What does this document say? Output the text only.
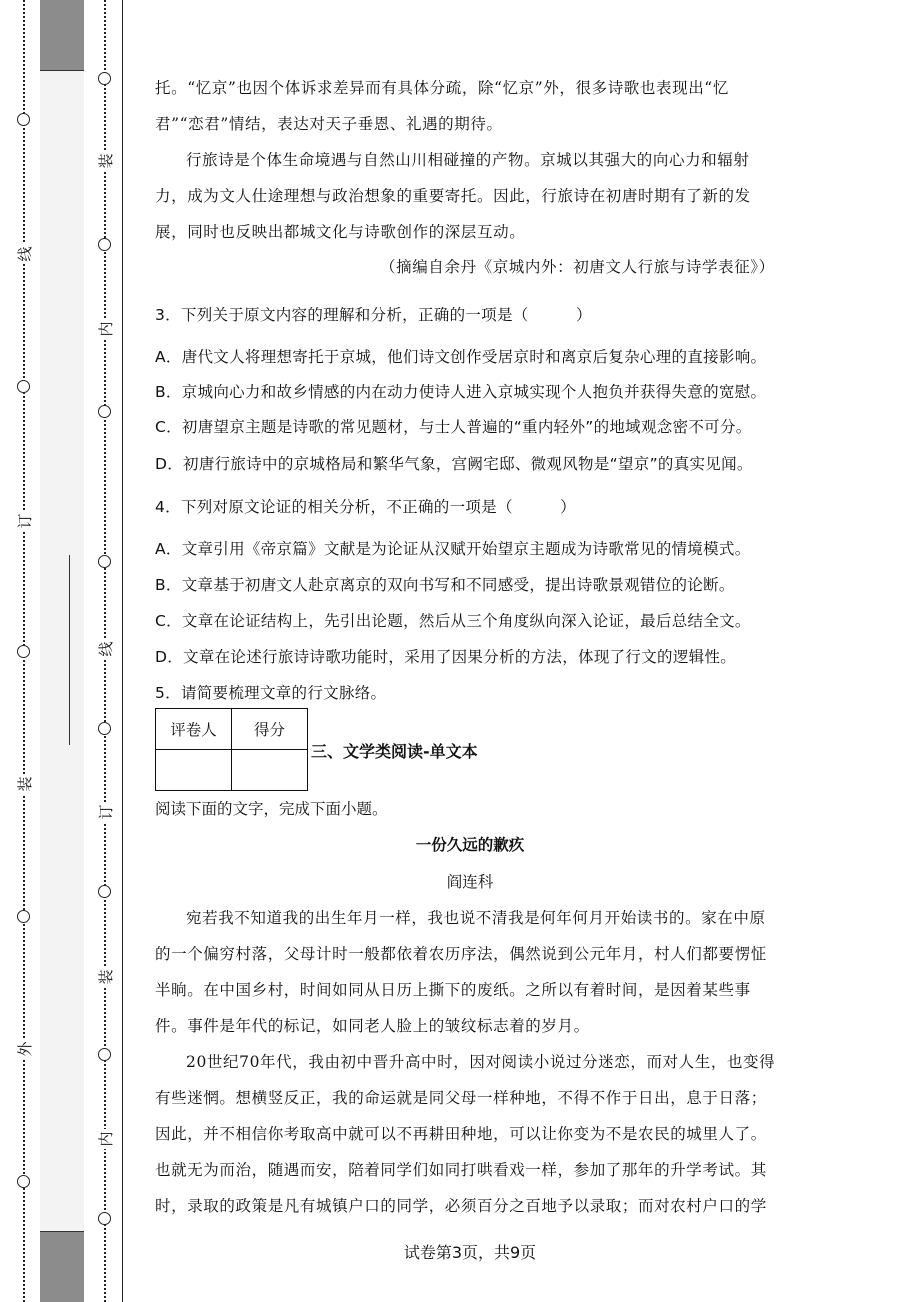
线
订
装
外
装
内
线
订
装
内

托。“忆京”也因个体诉求差异而有具体分疏，除“忆京”外，很多诗歌也表现出“忆君”“恋君”情结，表达对天子垂恩、礼遇的期待。

行旅诗是个体生命境遇与自然山川相碰撞的产物。京城以其强大的向心力和辐射力，成为文人仕途理想与政治想象的重要寄托。因此，行旅诗在初唐时期有了新的发展，同时也反映出都城文化与诗歌创作的深层互动。

（摘编自余丹《京城内外：初唐文人行旅与诗学表征》）
3．下列关于原文内容的理解和分析，正确的一项是（　　　）
A．唐代文人将理想寄托于京城，他们诗文创作受居京时和离京后复杂心理的直接影响。
B．京城向心力和故乡情感的内在动力使诗人进入京城实现个人抱负并获得失意的宽慰。
C．初唐望京主题是诗歌的常见题材，与士人普遍的“重内轻外”的地域观念密不可分。
D．初唐行旅诗中的京城格局和繁华气象，宫阙宅邸、微观风物是“望京”的真实见闻。
4．下列对原文论证的相关分析，不正确的一项是（　　　）
A．文章引用《帝京篇》文献是为论证从汉赋开始望京主题成为诗歌常见的情境模式。
B．文章基于初唐文人赴京离京的双向书写和不同感受，提出诗歌景观错位的论断。
C．文章在论证结构上，先引出论题，然后从三个角度纵向深入论证，最后总结全文。
D．文章在论述行旅诗诗歌功能时，采用了因果分析的方法，体现了行文的逻辑性。
5．请简要梳理文章的行文脉络。
评卷人	得分

三、文学类阅读-单文本
阅读下面的文字，完成下面小题。
一份久远的歉疚
阎连科

宛若我不知道我的出生年月一样，我也说不清我是何年何月开始读书的。家在中原的一个偏穷村落，父母计时一般都依着农历序法，偶然说到公元年月，村人们都要愣怔半晌。在中国乡村，时间如同从日历上撕下的废纸。之所以有着时间，是因着某些事件。事件是年代的标记，如同老人脸上的皱纹标志着的岁月。

20世纪70年代，我由初中晋升高中时，因对阅读小说过分迷恋，而对人生，也变得有些迷惘。想横竖反正，我的命运就是同父母一样种地，不得不作于日出，息于日落；因此，并不相信你考取高中就可以不再耕田种地，可以让你变为不是农民的城里人了。也就无为而治，随遇而安，陪着同学们如同打哄看戏一样，参加了那年的升学考试。其时，录取的政策是凡有城镇户口的同学，必须百分之百地予以录取；而对农村户口的学

试卷第3页，共9页
